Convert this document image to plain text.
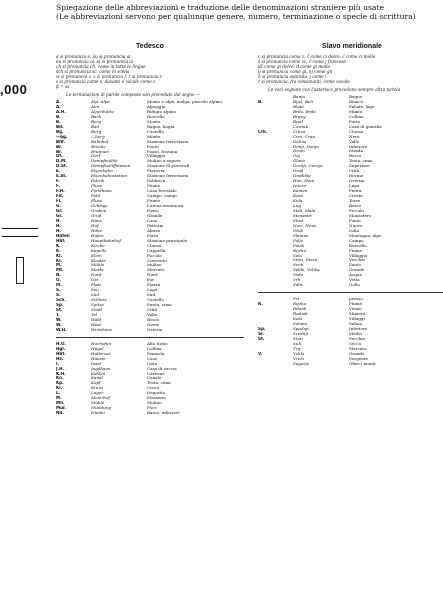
Spiegazione delle abbreviazioni e traduzione delle denominazioni straniere più usate
(Le abbreviazioni servono per qualunque genere, numero, terminazione o specie di scrittura)
,000
Tedesco
ä si pronuncia e, äu si pronuncia ai
eu si pronuncia oi, ei si pronuncia ai
ch si pronuncia ch, come in tutte le lingue
sch si pronuncia sc, come in scena
w si pronuncia v, v si pronuncia f, z si pronuncia z
s si pronuncia come s, davanti a vocale come z
ß = ss
Le terminazioni di parole composte son precedute dal segno —
A.	Alp, Alpe	Monte e alpe, malga, pascolo alpino
A.	Alm	Alpeggio
A.H.	Alpenhütte	Rifugio alpino
B.	Bach	Ruscello
B.	Berg	Monte
Bd.	Bad	Bagno, bagni
Bg.	Burg	Castello
—bg.	—berg	Monte
Bhf.	Bahnhof	Stazione ferroviaria
Br.	Brücke	Ponte
Br.	Brunnen	Pozzo, fontana
Df.	Dorf	Villaggio
D.M.	Dampfmühle	Mulino a vapore
D.St.	Dampfschiffstation	Stazione di piroscafi
E.	Eisenbahn	Ferrovia
E.St.	Eisenbahnstation	Stazione ferroviaria
F.	Fabrik	Fabbrica
F.	Fluss	Fiume
F.H.	Forsthaus	Casa forestale
Fd.	Feld	Campo, campi
Fl.	Fluss	Fiume
G.	Gebirge	Catena montuosa
Gr.	Graben	Fosso
Gr.	Groß	Grande
H.	Haus	Casa
H.	Hof	Fattoria
H.	Höhe	Altura
Hafen	Hafen	Porto
Hbf.	Hauptbahnhof	Stazione principale
K.	Kirche	Chiesa
K.	Kapelle	Cappella
Kl.	Klein	Piccolo
Kl.	Kloster	Convento
M.	Mühle	Mulino
Mt.	Markt	Mercato
N.	Nord	Nord
O.	Ost	Est
Pl.	Platz	Piazza
S.	See	Lago
S.	Süd	Sud
Sch.	Schloss	Castello
Sp.	Spitze	Punta, cima
St.	Stadt	Città
T.	Tal	Valle
W.	Wald	Bosco
W.	West	Ovest
W.H.	Wirtshaus	Osteria
H.O.	Hochofen	Alto forno
Hgl.	Hügel	Collina
Hbt.	Halbinsel	Penisola
Hs.	Häuser	Case
I.	Insel	Isola
J.H.	Jagdhaus	Casa di caccia
K.H.	Kohlen	Carbone
Kn.	Kanal	Canale
Kp.	Kopf	Testa, cima
Kr.	Kreuz	Croce
L.	Lager	Deposito
M.	Meierhof	Masseria
Mh.	Mühle	Mulino
Mür.	Mündung	Foce
Nd.	Nieder	Basso, inferiore
Slavo meridionale
c si pronuncia come z; č come ci dolce; ć come ci molle
š si pronuncia come sc; ž come j francese
dž come gi dolce; đ come gi molle
lj si pronuncia come gl, nj come gn
h si pronuncia aspirata; j come i
r si pronuncia, fra consonanti, come vocale
Le voci segnate con l'asterisco precedono sempre altra parola
Banja	Bagno
B.	Bijel, Beli	Bianco
Blato	Palude, lago
Brdo, Brda	Monte
Brijeg	Collina
Brod	Porto
Čardak	Casa di guardia
Crk.	Crkva	Chiesa
Crni, Crna	Nero
Dolina	Valle
Donji, Donja	Inferiore
Drum	Strada
Gaj	Bosco
Glava	Testa, cima
Gornji, Gornja	Superiore
Grad	Città
Gradište	Rovine
Han, Hani	Osteria
Jezero	Lago
Kamen	Pietra
Kosa	Cresta
Kula	Torre
Lug	Bosco
Mali, Mala	Piccolo
Manastir	Monastero
Most	Ponte
Novi, Nova	Nuovo
Otok	Isola
Planina	Montagna, alpe
Polje	Campo
Potok	Ruscello
Rijeka	Fiume
Selo	Villaggio
Stari, Stara	Vecchio
Sveti	Santo
Veliki, Velika	Grande
Voda	Acqua
Vrh	Vetta
Zaliv	Golfo
Pri	presso
R.	Rijeka	Fiume
Ribnik	Vivaio
Rudnik	Miniera
Sela	Villaggi
Solana	Salina
Sp.	Spodnji	Inferiore
Sr.	Srednji	Medio
St.	Stari	Vecchio
Suh	Secco
Trg	Mercato
V.	Veliki	Grande
Vrelo	Sorgente
Zagorje	Oltre i monti
